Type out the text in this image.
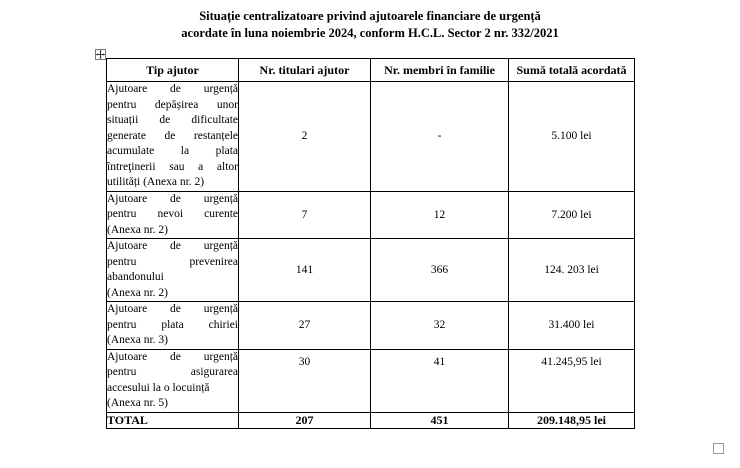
Situație centralizatoare privind ajutoarele financiare de urgență
acordate în luna noiembrie 2024, conform H.C.L. Sector 2 nr. 332/2021
Tip ajutor	Nr. titulari ajutor	Nr. membri în familie	Sumă totală acordată

Ajutoare de urgență
pentru depășirea unor
situații de dificultate
generate de restanțele
acumulate la plata
întreţinerii sau a altor
utilități (Anexa nr. 2)
	2	-	5.100 lei

Ajutoare de urgență
pentru nevoi curente
(Anexa nr. 2)	7	12	7.200 lei

Ajutoare de urgență
pentru prevenirea
abandonului
(Anexa nr. 2)	141	366	124. 203 lei

Ajutoare de urgență
pentru plata chiriei
(Anexa nr. 3)	27	32	31.400 lei

Ajutoare de urgență
pentru asigurarea
accesului la o locuință
(Anexa nr. 5)	30	41	41.245,95 lei
TOTAL	207	451	209.148,95 lei
